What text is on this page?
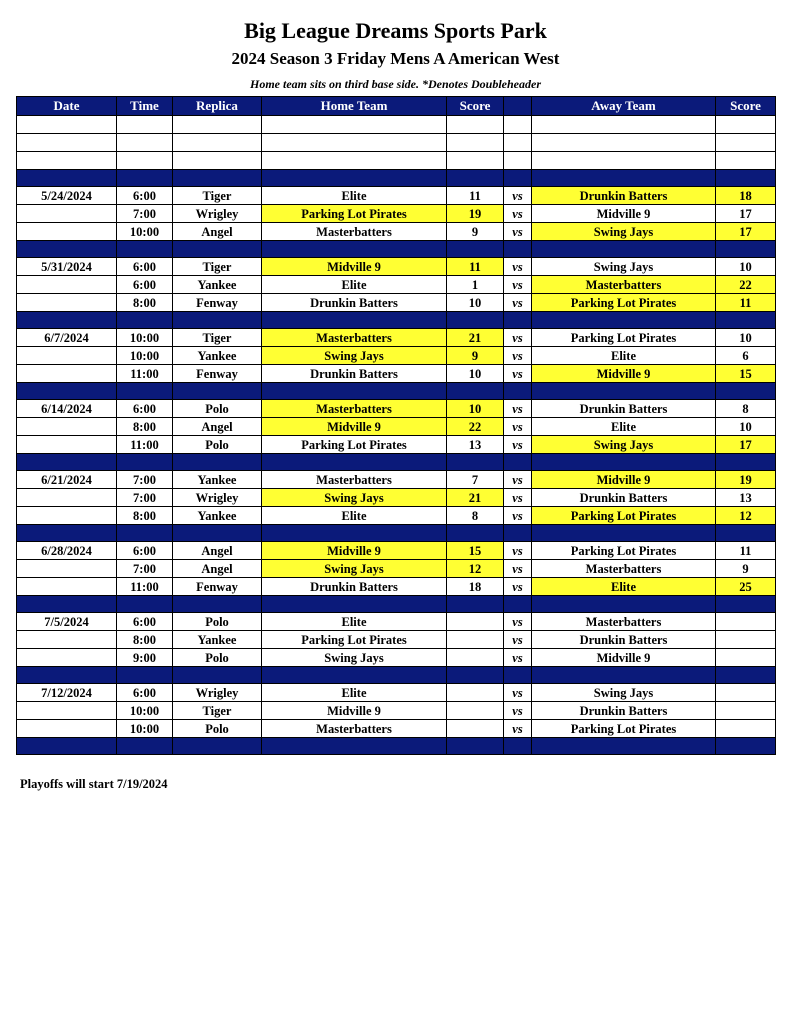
Big League Dreams Sports Park
2024 Season 3 Friday Mens A American West
Home team sits on third base side. *Denotes Doubleheader
Date	Time	Replica	Home Team	Score		Away Team	Score

5/24/2024	6:00	Tiger	Elite	11	vs	Drunkin Batters	18
	7:00	Wrigley	Parking Lot Pirates	19	vs	Midville 9	17
	10:00	Angel	Masterbatters	9	vs	Swing Jays	17

5/31/2024	6:00	Tiger	Midville 9	11	vs	Swing Jays	10
	6:00	Yankee	Elite	1	vs	Masterbatters	22
	8:00	Fenway	Drunkin Batters	10	vs	Parking Lot Pirates	11

6/7/2024	10:00	Tiger	Masterbatters	21	vs	Parking Lot Pirates	10
	10:00	Yankee	Swing Jays	9	vs	Elite	6
	11:00	Fenway	Drunkin Batters	10	vs	Midville 9	15

6/14/2024	6:00	Polo	Masterbatters	10	vs	Drunkin Batters	8
	8:00	Angel	Midville 9	22	vs	Elite	10
	11:00	Polo	Parking Lot Pirates	13	vs	Swing Jays	17

6/21/2024	7:00	Yankee	Masterbatters	7	vs	Midville 9	19
	7:00	Wrigley	Swing Jays	21	vs	Drunkin Batters	13
	8:00	Yankee	Elite	8	vs	Parking Lot Pirates	12

6/28/2024	6:00	Angel	Midville 9	15	vs	Parking Lot Pirates	11
	7:00	Angel	Swing Jays	12	vs	Masterbatters	9
	11:00	Fenway	Drunkin Batters	18	vs	Elite	25

7/5/2024	6:00	Polo	Elite		vs	Masterbatters	
	8:00	Yankee	Parking Lot Pirates		vs	Drunkin Batters	
	9:00	Polo	Swing Jays		vs	Midville 9	

7/12/2024	6:00	Wrigley	Elite		vs	Swing Jays	
	10:00	Tiger	Midville 9		vs	Drunkin Batters	
	10:00	Polo	Masterbatters		vs	Parking Lot Pirates	

Playoffs will start 7/19/2024
